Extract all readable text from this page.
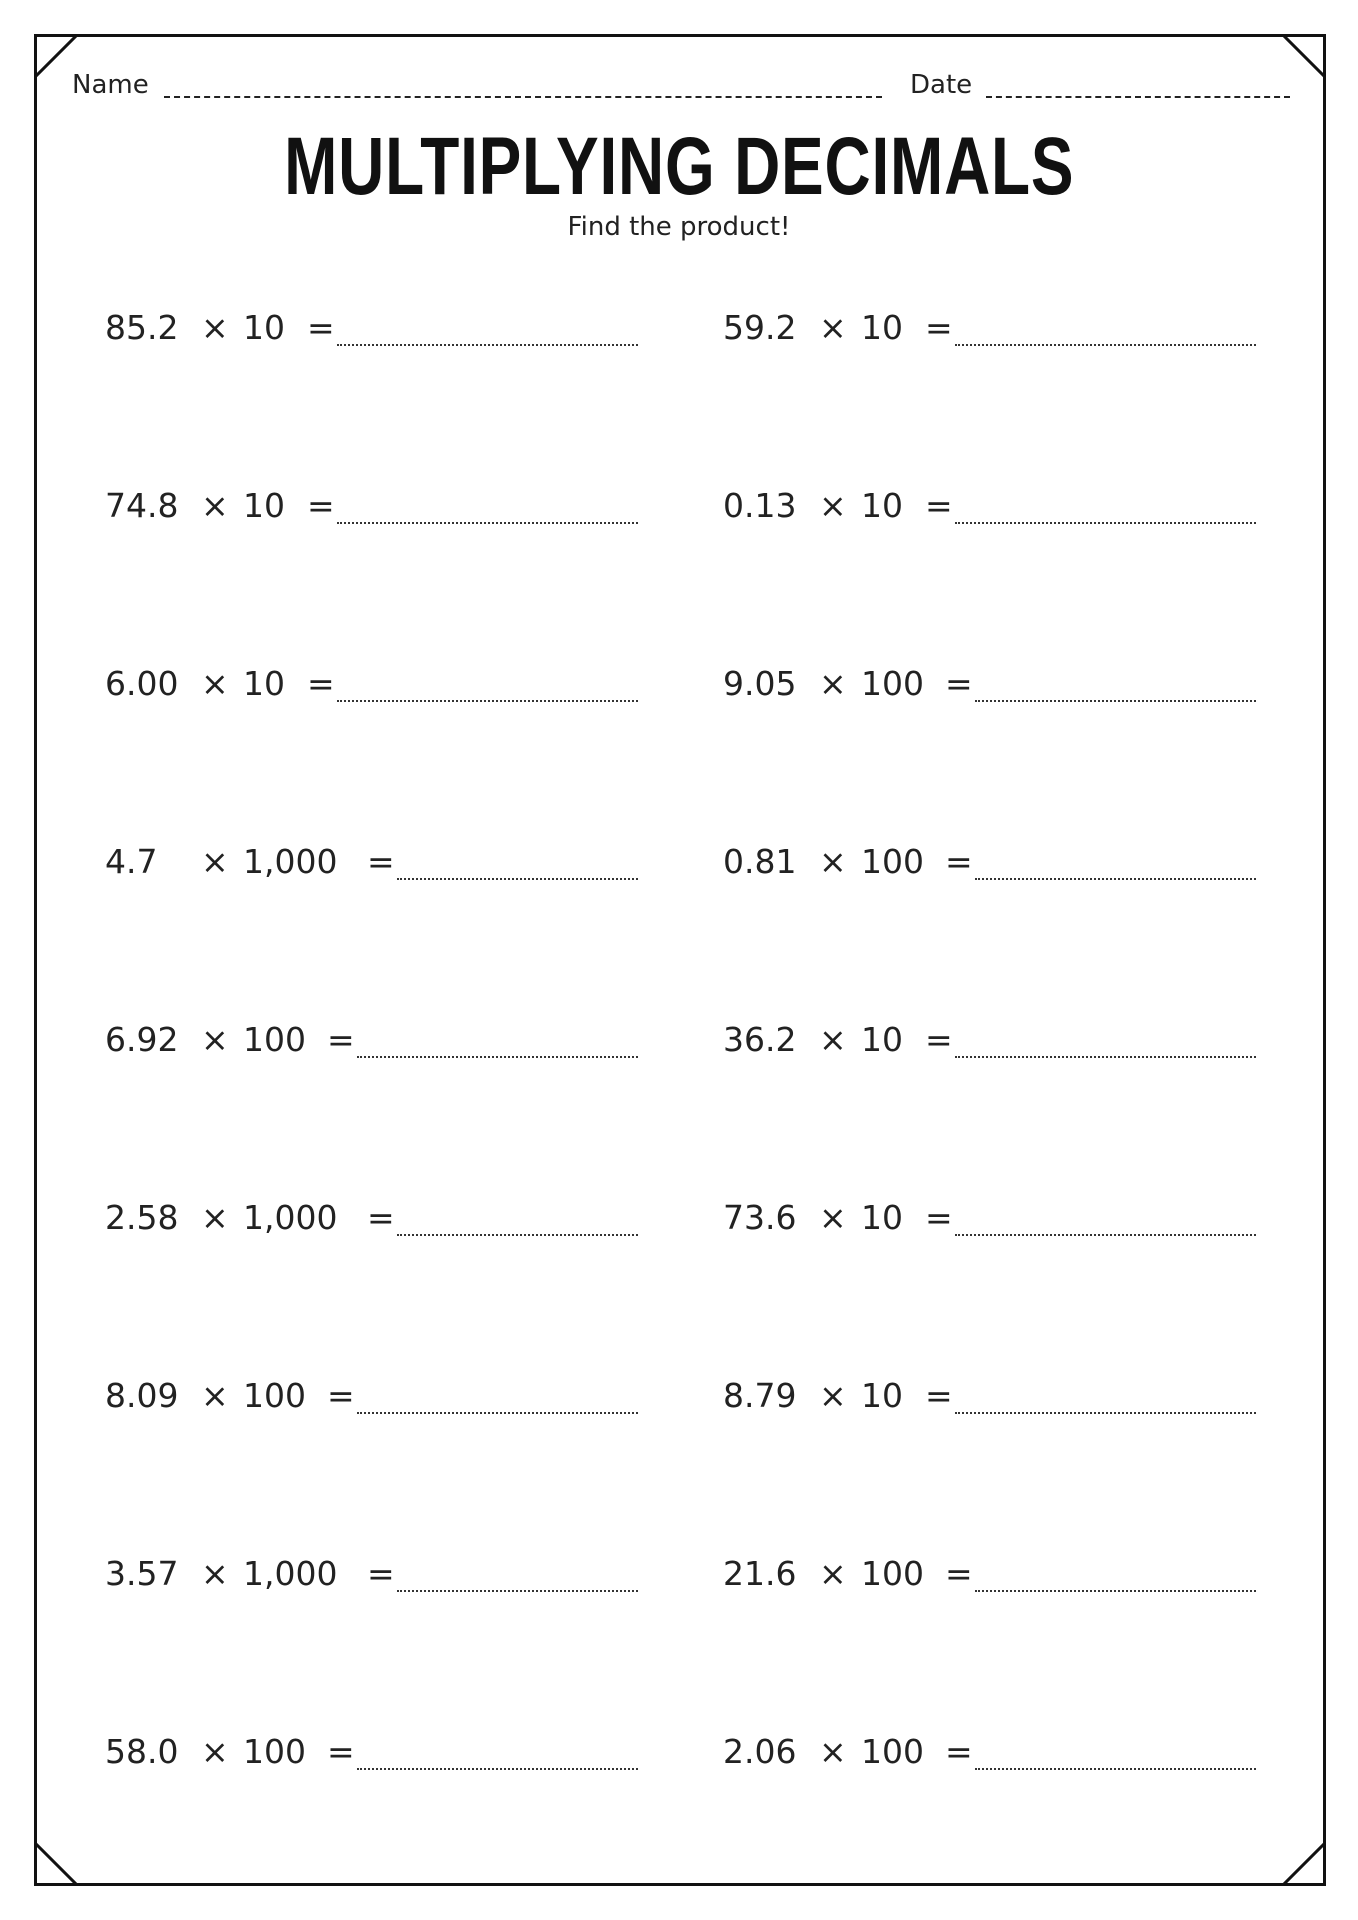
Name	Date
MULTIPLYING DECIMALS
Find the product!
85.2 × 10 =
74.8 × 10 =
6.00 × 10 =
4.7 × 1,000 =
6.92 × 100 =
2.58 × 1,000 =
8.09 × 100 =
3.57 × 1,000 =
58.0 × 100 =
59.2 × 10 =
0.13 × 10 =
9.05 × 100 =
0.81 × 100 =
36.2 × 10 =
73.6 × 10 =
8.79 × 10 =
21.6 × 100 =
2.06 × 100 =
